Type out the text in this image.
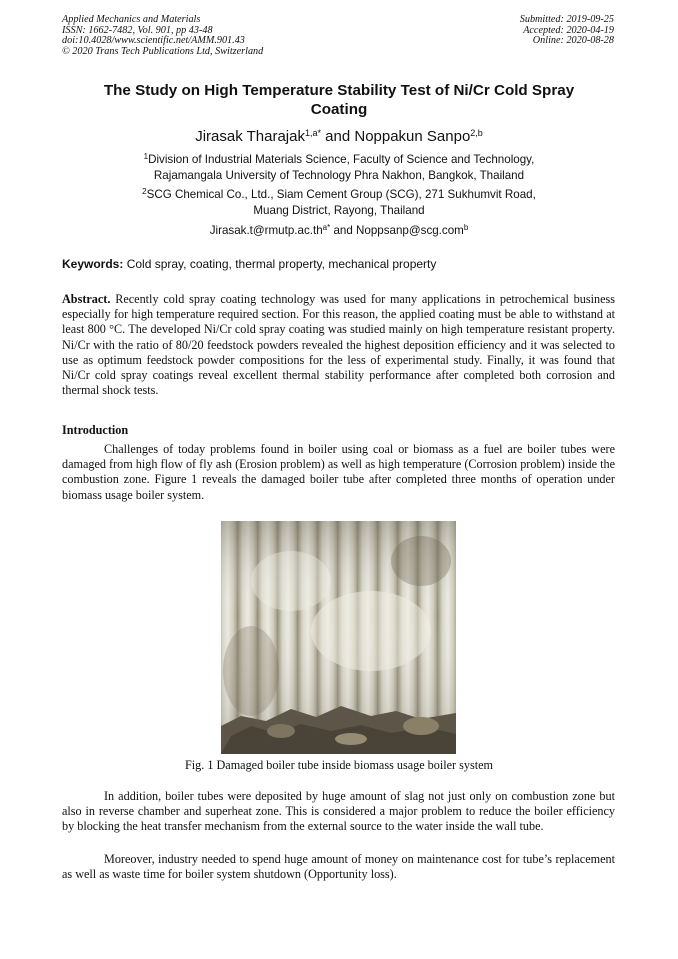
Applied Mechanics and Materials
ISSN: 1662-7482, Vol. 901, pp 43-48
doi:10.4028/www.scientific.net/AMM.901.43
© 2020 Trans Tech Publications Ltd, Switzerland
Submitted: 2019-09-25
Accepted: 2020-04-19
Online: 2020-08-28
The Study on High Temperature Stability Test of Ni/Cr Cold Spray
Coating
Jirasak Tharajak$^{1,a*}$ and Noppakun Sanpo$^{2,b}$
$^1$Division of Industrial Materials Science, Faculty of Science and Technology,
Rajamangala University of Technology Phra Nakhon, Bangkok, Thailand
$^2$SCG Chemical Co., Ltd., Siam Cement Group (SCG), 271 Sukhumvit Road,
Muang District, Rayong, Thailand
$Jirasak.t@rmutp.ac.th^{a*}$ and Noppsanp@scg.com$^b$
Keywords: Cold spray, coating, thermal property, mechanical property
Abstract. Recently cold spray coating technology was used for many applications in petrochemical business especially for high temperature required section. For this reason, the applied coating must be able to withstand at least 800 °C. The developed Ni/Cr cold spray coating was studied mainly on high temperature resistant property. Ni/Cr with the ratio of 80/20 feedstock powders revealed the highest deposition efficiency and it was selected to use as optimum feedstock powder compositions for the less of experimental study. Finally, it was found that Ni/Cr cold spray coatings reveal excellent thermal stability performance after completed both corrosion and thermal shock tests.
Introduction
Challenges of today problems found in boiler using coal or biomass as a fuel are boiler tubes were damaged from high flow of fly ash (Erosion problem) as well as high temperature (Corrosion problem) inside the combustion zone. Figure 1 reveals the damaged boiler tube after completed three months of operation under biomass usage boiler system.
Fig. 1 Damaged boiler tube inside biomass usage boiler system
In addition, boiler tubes were deposited by huge amount of slag not just only on combustion zone but also in reverse chamber and superheat zone. This is considered a major problem to reduce the boiler efficiency by blocking the heat transfer mechanism from the external source to the water inside the wall tube.
Moreover, industry needed to spend huge amount of money on maintenance cost for tube’s replacement as well as waste time for boiler system shutdown (Opportunity loss).
